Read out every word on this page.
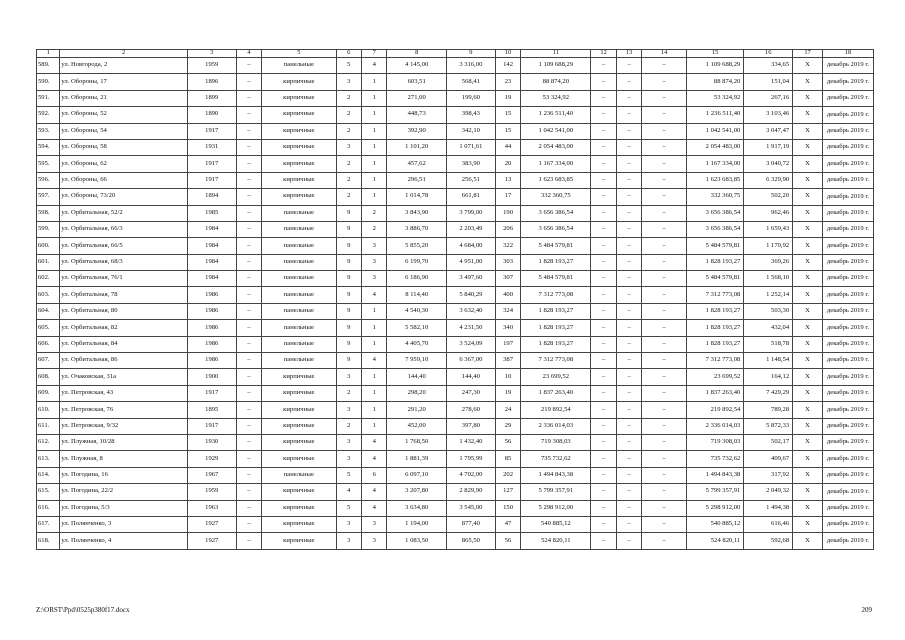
1	2	3	4	5	6	7	8	9	10	11	12	13	14	15	16	17	18
589.	ул. Новгорода, 2	1959	–	панельные	5	4	4 145,00	3 316,00	142	1 109 688,29	–	–	–	1 109 688,29	334,65	Х	декабрь 2019 г.
590.	ул. Обороны, 17	1896	–	кирпичные	3	1	603,51	568,41	23	88 874,20	–	–	–	88 874,20	151,04	Х	декабрь 2019 г.
591.	ул. Обороны, 21	1899	–	кирпичные	2	1	271,00	199,60	19	53 324,92	–	–	–	53 324,92	267,16	Х	декабрь 2019 г.
592.	ул. Обороны, 52	1890	–	кирпичные	2	1	448,73	398,43	15	1 236 511,40	–	–	–	1 236 511,40	3 103,46	Х	декабрь 2019 г.
593.	ул. Обороны, 54	1917	–	кирпичные	2	1	392,90	342,10	15	1 042 541,00	–	–	–	1 042 541,00	3 047,47	Х	декабрь 2019 г.
594.	ул. Обороны, 58	1931	–	кирпичные	3	1	1 101,20	1 071,61	44	2 054 483,00	–	–	–	2 054 483,00	1 917,19	Х	декабрь 2019 г.
595.	ул. Обороны, 62	1917	–	кирпичные	2	1	457,62	383,90	20	1 167 334,00	–	–	–	1 167 334,00	3 040,72	Х	декабрь 2019 г.
596.	ул. Обороны, 66	1917	–	кирпичные	2	1	296,51	256,51	13	1 623 683,85	–	–	–	1 623 683,85	6 329,90	Х	декабрь 2019 г.
597.	ул. Обороны, 73/20	1894	–	кирпичные	2	1	1 014,78	661,81	17	332 360,75	–	–	–	332 360,75	502,20	Х	декабрь 2019 г.
598.	ул. Орбитальная, 52/2	1985	–	панельные	9	2	3 843,90	3 799,00	190	3 656 386,54	–	–	–	3 656 386,54	962,46	Х	декабрь 2019 г.
599.	ул. Орбитальная, 66/3	1984	–	панельные	9	2	3 886,70	2 203,49	206	3 656 386,54	–	–	–	3 656 386,54	1 659,43	Х	декабрь 2019 г.
600.	ул. Орбитальная, 66/5	1984	–	панельные	9	3	5 855,20	4 684,00	322	5 484 579,81	–	–	–	5 484 579,81	1 170,92	Х	декабрь 2019 г.
601.	ул. Орбитальная, 68/3	1984	–	панельные	9	3	6 199,70	4 951,00	303	1 828 193,27	–	–	–	1 828 193,27	369,26	Х	декабрь 2019 г.
602.	ул. Орбитальная, 76/1	1984	–	панельные	9	3	6 186,90	3 497,60	307	5 484 579,81	–	–	–	5 484 579,81	1 568,10	Х	декабрь 2019 г.
603.	ул. Орбитальная, 78	1986	–	панельные	9	4	8 114,40	5 840,29	400	7 312 773,08	–	–	–	7 312 773,08	1 252,14	Х	декабрь 2019 г.
604.	ул. Орбитальная, 80	1986	–	панельные	9	1	4 540,30	3 632,40	324	1 828 193,27	–	–	–	1 828 193,27	503,30	Х	декабрь 2019 г.
605.	ул. Орбитальная, 82	1986	–	панельные	9	1	5 582,10	4 231,50	340	1 828 193,27	–	–	–	1 828 193,27	432,04	Х	декабрь 2019 г.
606.	ул. Орбитальная, 84	1986	–	панельные	9	1	4 405,70	3 524,09	197	1 828 193,27	–	–	–	1 828 193,27	518,78	Х	декабрь 2019 г.
607.	ул. Орбитальная, 86	1986	–	панельные	9	4	7 959,10	6 367,00	387	7 312 773,08	–	–	–	7 312 773,08	1 148,54	Х	декабрь 2019 г.
608.	ул. Очаковская, 31а	1900	–	кирпичные	3	1	144,40	144,40	10	23 699,52	–	–	–	23 699,52	164,12	Х	декабрь 2019 г.
609.	ул. Петровская, 43	1917	–	кирпичные	2	1	298,20	247,30	19	1 837 263,40	–	–	–	1 837 263,40	7 429,29	Х	декабрь 2019 г.
610.	ул. Петровская, 76	1895	–	кирпичные	3	1	291,20	278,60	24	219 892,54	–	–	–	219 892,54	789,28	Х	декабрь 2019 г.
611.	ул. Петровская, 9/32	1917	–	кирпичные	2	1	452,00	397,80	29	2 336 014,03	–	–	–	2 336 014,03	5 872,33	Х	декабрь 2019 г.
612.	ул. Плужная, 10/28	1930	–	кирпичные	3	4	1 768,50	1 432,40	56	719 308,03	–	–	–	719 308,03	502,17	Х	декабрь 2019 г.
613.	ул. Плужная, 8	1929	–	кирпичные	3	4	1 881,39	1 795,99	85	735 732,62	–	–	–	735 732,62	409,67	Х	декабрь 2019 г.
614.	ул. Погодина, 16	1967	–	панельные	5	6	6 097,10	4 702,00	202	1 494 843,38	–	–	–	1 494 843,38	317,92	Х	декабрь 2019 г.
615.	ул. Погодина, 22/2	1959	–	кирпичные	4	4	3 207,80	2 829,90	127	5 799 357,91	–	–	–	5 799 357,91	2 049,32	Х	декабрь 2019 г.
616.	ул. Погодина, 5/3	1963	–	кирпичные	5	4	3 634,80	3 545,00	150	5 298 912,00	–	–	–	5 298 912,00	1 494,38	Х	декабрь 2019 г.
617.	ул. Полянченко, 3	1927	–	кирпичные	3	3	1 194,00	877,40	47	540 885,12	–	–	–	540 885,12	616,46	Х	декабрь 2019 г.
618.	ул. Полянченко, 4	1927	–	кирпичные	3	3	1 083,50	865,50	56	524 820,11	–	–	–	524 820,11	592,68	Х	декабрь 2019 г.
Z:\ORST\Ppd\0525p380f17.docx	209
